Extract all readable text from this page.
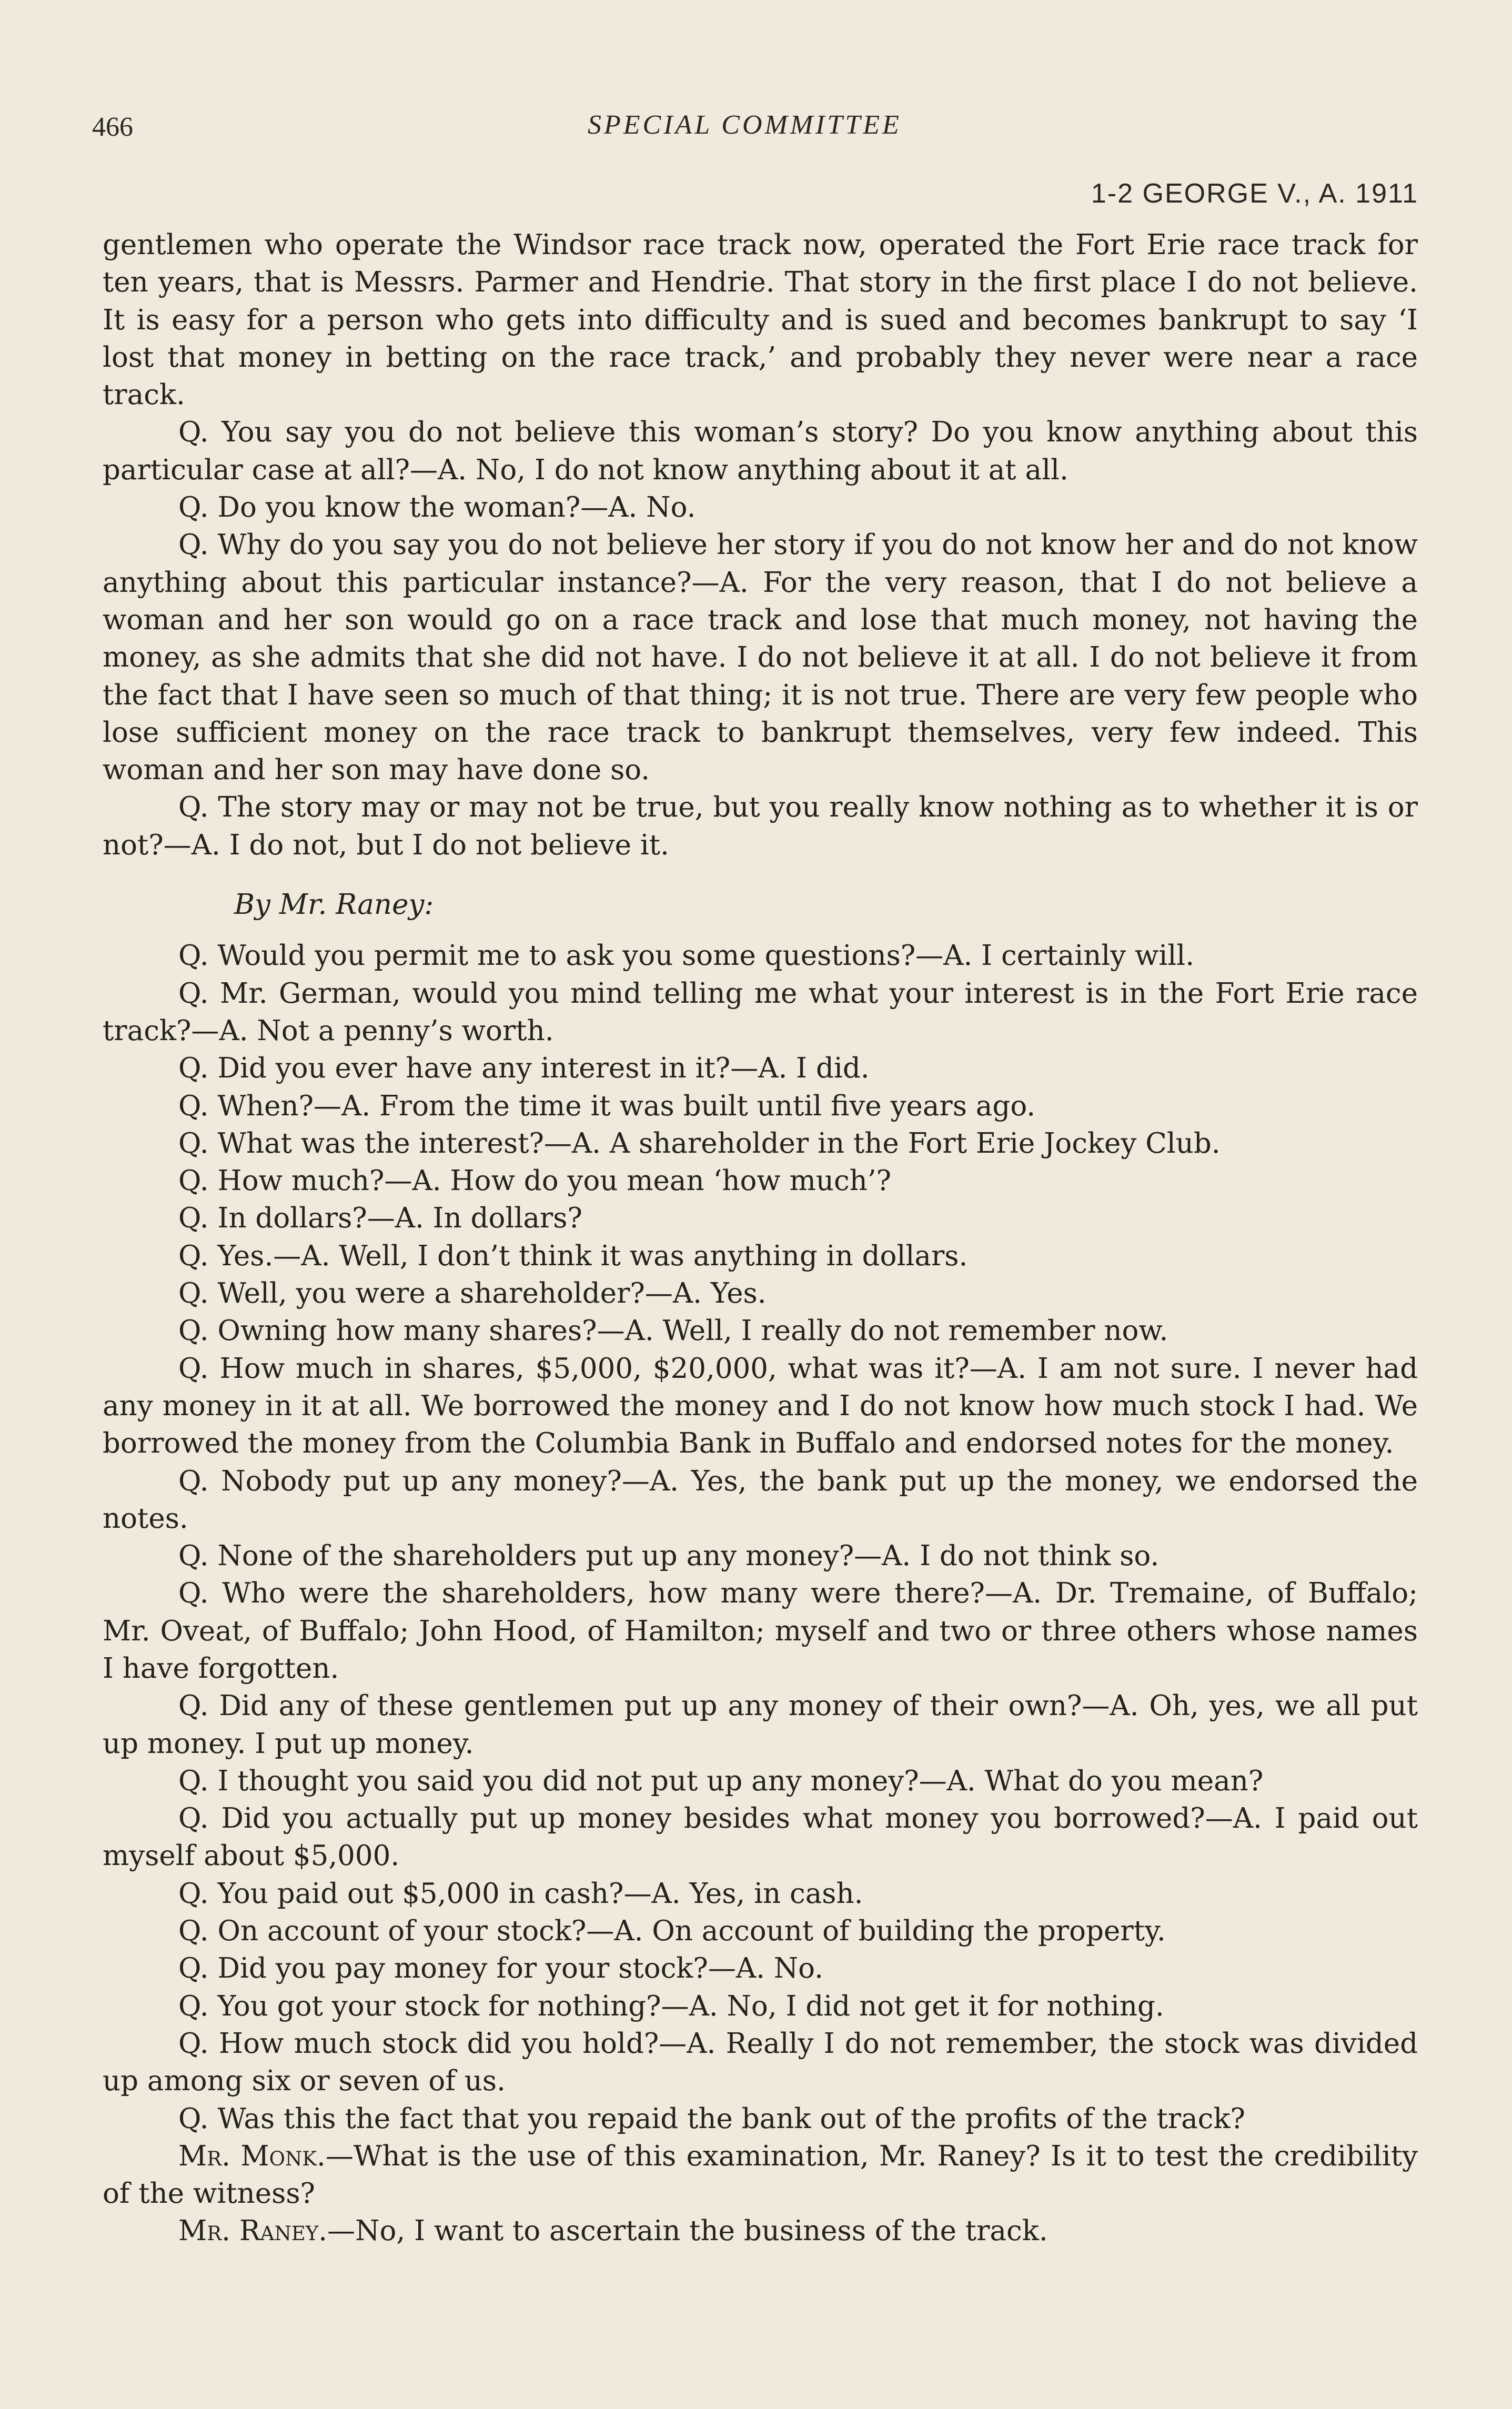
466	SPECIAL COMMITTEE
1-2 GEORGE V., A. 1911

gentlemen who operate the Windsor race track now, operated the Fort Erie race track for ten years, that is Messrs. Parmer and Hendrie. That story in the first place I do not believe. It is easy for a person who gets into difficulty and is sued and becomes bankrupt to say ‘I lost that money in betting on the race track,’ and probably they never were near a race track.

Q. You say you do not believe this woman’s story? Do you know anything about this particular case at all?—A. No, I do not know anything about it at all.

Q. Do you know the woman?—A. No.

Q. Why do you say you do not believe her story if you do not know her and do not know anything about this particular instance?—A. For the very reason, that I do not believe a woman and her son would go on a race track and lose that much money, not having the money, as she admits that she did not have. I do not believe it at all. I do not believe it from the fact that I have seen so much of that thing; it is not true. There are very few people who lose sufficient money on the race track to bankrupt themselves, very few indeed. This woman and her son may have done so.

Q. The story may or may not be true, but you really know nothing as to whether it is or not?—A. I do not, but I do not believe it.

By Mr. Raney:

Q. Would you permit me to ask you some questions?—A. I certainly will.

Q. Mr. German, would you mind telling me what your interest is in the Fort Erie race track?—A. Not a penny’s worth.

Q. Did you ever have any interest in it?—A. I did.

Q. When?—A. From the time it was built until five years ago.

Q. What was the interest?—A. A shareholder in the Fort Erie Jockey Club.

Q. How much?—A. How do you mean ‘how much’?

Q. In dollars?—A. In dollars?

Q. Yes.—A. Well, I don’t think it was anything in dollars.

Q. Well, you were a shareholder?—A. Yes.

Q. Owning how many shares?—A. Well, I really do not remember now.

Q. How much in shares, $5,000, $20,000, what was it?—A. I am not sure. I never had any money in it at all. We borrowed the money and I do not know how much stock I had. We borrowed the money from the Columbia Bank in Buffalo and endorsed notes for the money.

Q. Nobody put up any money?—A. Yes, the bank put up the money, we endorsed the notes.

Q. None of the shareholders put up any money?—A. I do not think so.

Q. Who were the shareholders, how many were there?—A. Dr. Tremaine, of Buffalo; Mr. Oveat, of Buffalo; John Hood, of Hamilton; myself and two or three others whose names I have forgotten.

Q. Did any of these gentlemen put up any money of their own?—A. Oh, yes, we all put up money. I put up money.

Q. I thought you said you did not put up any money?—A. What do you mean?

Q. Did you actually put up money besides what money you borrowed?—A. I paid out myself about $5,000.

Q. You paid out $5,000 in cash?—A. Yes, in cash.

Q. On account of your stock?—A. On account of building the property.

Q. Did you pay money for your stock?—A. No.

Q. You got your stock for nothing?—A. No, I did not get it for nothing.

Q. How much stock did you hold?—A. Really I do not remember, the stock was divided up among six or seven of us.

Q. Was this the fact that you repaid the bank out of the profits of the track?

Mr. Monk.—What is the use of this examination, Mr. Raney? Is it to test the credibility of the witness?

Mr. Raney.—No, I want to ascertain the business of the track.
